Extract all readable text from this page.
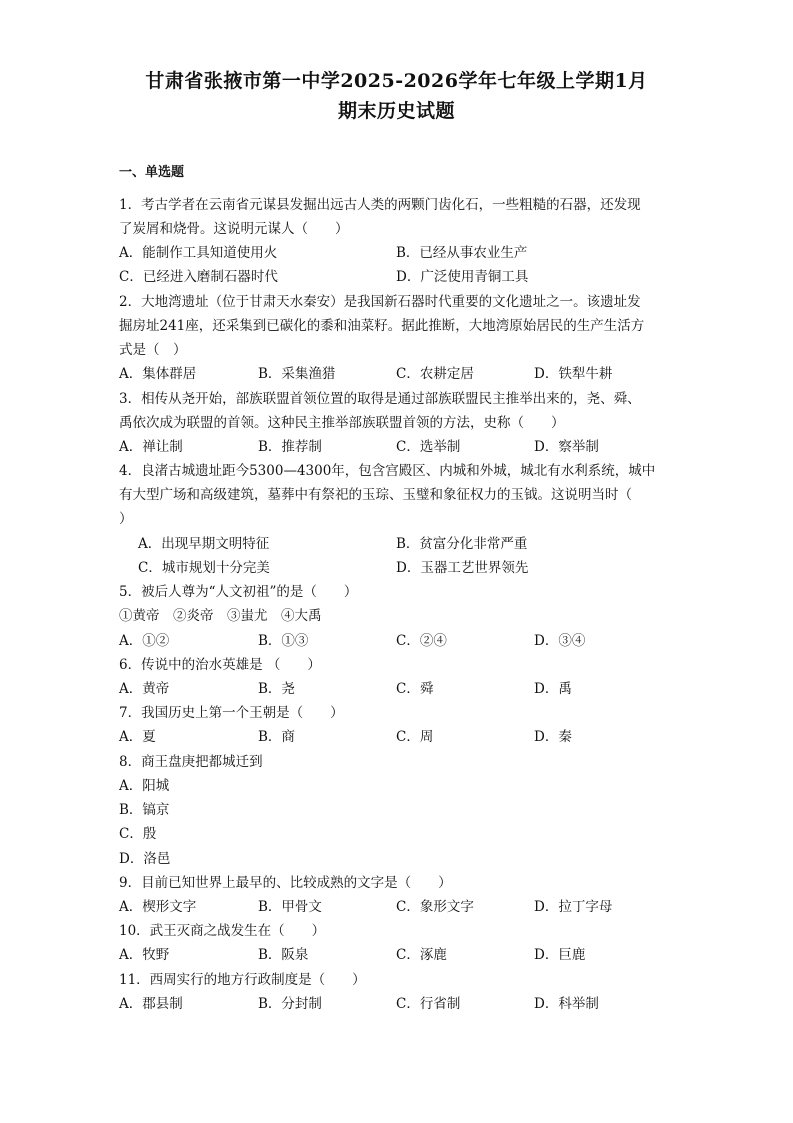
甘肃省张掖市第一中学2025-2026学年七年级上学期1月
期末历史试题
一、单选题
1．考古学者在云南省元谋县发掘出远古人类的两颗门齿化石，一些粗糙的石器，还发现
了炭屑和烧骨。这说明元谋人（　　）
A．能制作工具知道使用火	B．已经从事农业生产
C．已经进入磨制石器时代	D．广泛使用青铜工具
2．大地湾遗址（位于甘肃天水秦安）是我国新石器时代重要的文化遗址之一。该遗址发
掘房址241座，还采集到已碳化的黍和油菜籽。据此推断，大地湾原始居民的生产生活方
式是（　）
A．集体群居	B．采集渔猎	C．农耕定居	D．铁犁牛耕
3．相传从尧开始，部族联盟首领位置的取得是通过部族联盟民主推举出来的，尧、舜、
禹依次成为联盟的首领。这种民主推举部族联盟首领的方法，史称（　　）
A．禅让制	B．推荐制	C．选举制	D．察举制
4．良渚古城遗址距今5300—4300年，包含宫殿区、内城和外城，城北有水利系统，城中
有大型广场和高级建筑，墓葬中有祭祀的玉琮、玉璧和象征权力的玉钺。这说明当时（
）
A．出现早期文明特征	B．贫富分化非常严重
C．城市规划十分完美	D．玉器工艺世界领先
5．被后人尊为“人文初祖”的是（　　）
①黄帝　②炎帝　③蚩尤　④大禹
A．①②	B．①③	C．②④	D．③④
6．传说中的治水英雄是 （　　）
A．黄帝	B．尧	C．舜	D．禹
7．我国历史上第一个王朝是（　　）
A．夏	B．商	C．周	D．秦
8．商王盘庚把都城迁到
A．阳城
B．镐京
C．殷
D．洛邑
9．目前已知世界上最早的、比较成熟的文字是（　　）
A．楔形文字	B．甲骨文	C．象形文字	D．拉丁字母
10．武王灭商之战发生在（　　）
A．牧野	B．阪泉	C．涿鹿	D．巨鹿
11．西周实行的地方行政制度是（　　）
A．郡县制	B．分封制	C．行省制	D．科举制
